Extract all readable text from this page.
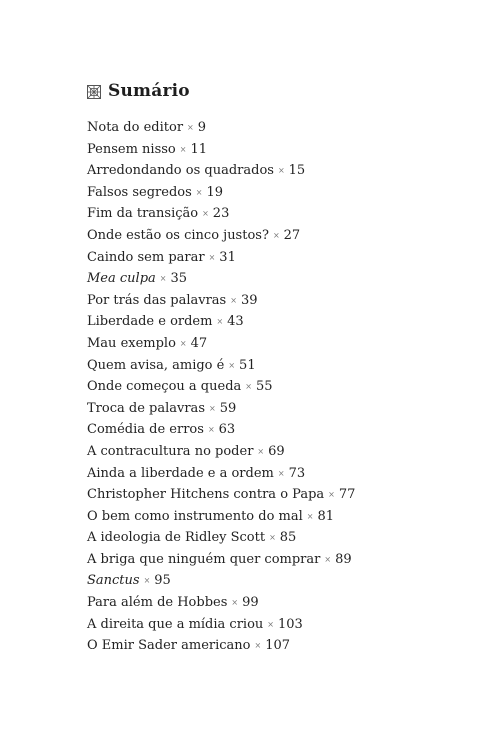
Sumário
Nota do editor × 9
Pensem nisso × 11
Arredondando os quadrados × 15
Falsos segredos × 19
Fim da transição × 23
Onde estão os cinco justos? × 27
Caindo sem parar × 31
Mea culpa × 35
Por trás das palavras × 39
Liberdade e ordem × 43
Mau exemplo × 47
Quem avisa, amigo é × 51
Onde começou a queda × 55
Troca de palavras × 59
Comédia de erros × 63
A contracultura no poder × 69
Ainda a liberdade e a ordem × 73
Christopher Hitchens contra o Papa × 77
O bem como instrumento do mal × 81
A ideologia de Ridley Scott × 85
A briga que ninguém quer comprar × 89
Sanctus × 95
Para além de Hobbes × 99
A direita que a mídia criou × 103
O Emir Sader americano × 107
